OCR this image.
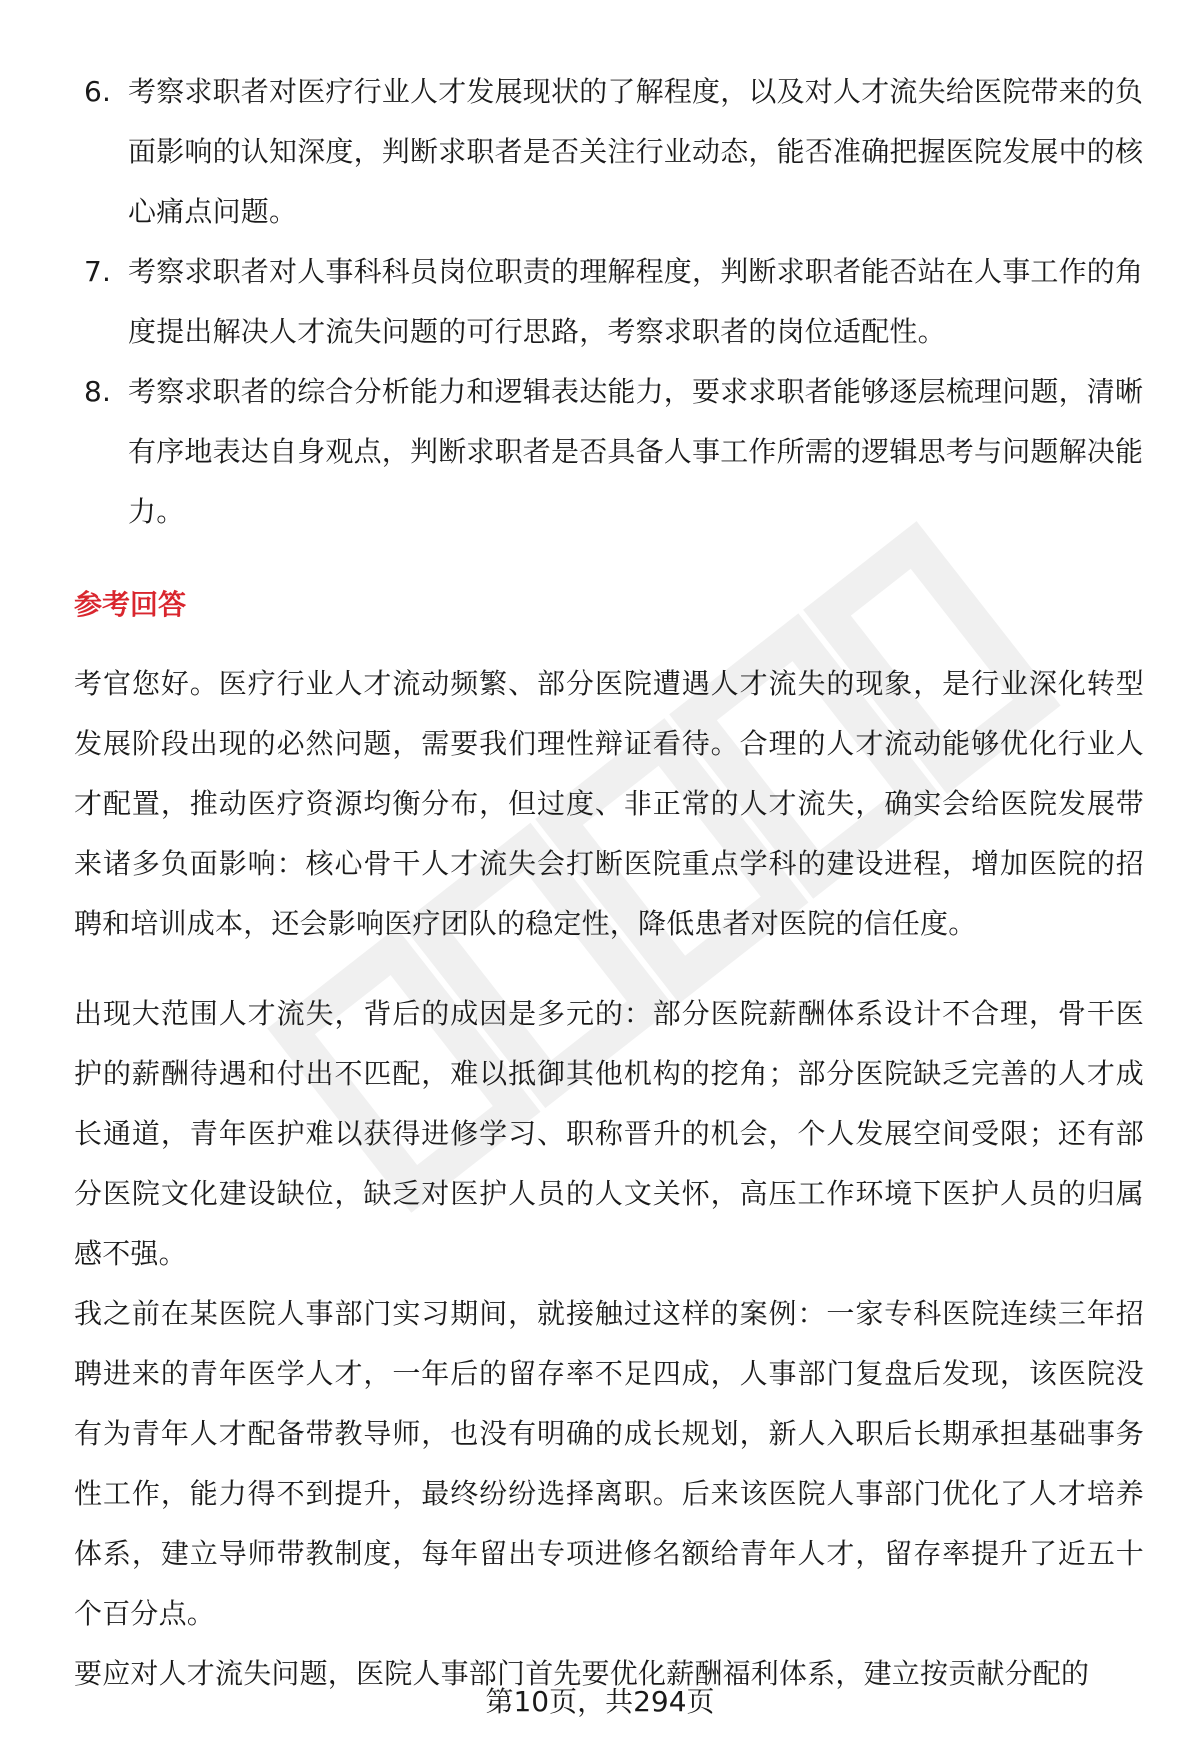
6. 考察求职者对医疗行业人才发展现状的了解程度，以及对人才流失给医院带来的负面影响的认知深度，判断求职者是否关注行业动态，能否准确把握医院发展中的核心痛点问题。
7. 考察求职者对人事科科员岗位职责的理解程度，判断求职者能否站在人事工作的角度提出解决人才流失问题的可行思路，考察求职者的岗位适配性。
8. 考察求职者的综合分析能力和逻辑表达能力，要求求职者能够逐层梳理问题，清晰有序地表达自身观点，判断求职者是否具备人事工作所需的逻辑思考与问题解决能力。
参考回答

考官您好。医疗行业人才流动频繁、部分医院遭遇人才流失的现象，是行业深化转型发展阶段出现的必然问题，需要我们理性辩证看待。合理的人才流动能够优化行业人才配置，推动医疗资源均衡分布，但过度、非正常的人才流失，确实会给医院发展带来诸多负面影响：核心骨干人才流失会打断医院重点学科的建设进程，增加医院的招聘和培训成本，还会影响医疗团队的稳定性，降低患者对医院的信任度。

出现大范围人才流失，背后的成因是多元的：部分医院薪酬体系设计不合理，骨干医护的薪酬待遇和付出不匹配，难以抵御其他机构的挖角；部分医院缺乏完善的人才成长通道，青年医护难以获得进修学习、职称晋升的机会，个人发展空间受限；还有部分医院文化建设缺位，缺乏对医护人员的人文关怀，高压工作环境下医护人员的归属感不强。

我之前在某医院人事部门实习期间，就接触过这样的案例：一家专科医院连续三年招聘进来的青年医学人才，一年后的留存率不足四成，人事部门复盘后发现，该医院没有为青年人才配备带教导师，也没有明确的成长规划，新人入职后长期承担基础事务性工作，能力得不到提升，最终纷纷选择离职。后来该医院人事部门优化了人才培养体系，建立导师带教制度，每年留出专项进修名额给青年人才，留存率提升了近五十个百分点。

要应对人才流失问题，医院人事部门首先要优化薪酬福利体系，建立按贡献分配的

第10页，共294页
